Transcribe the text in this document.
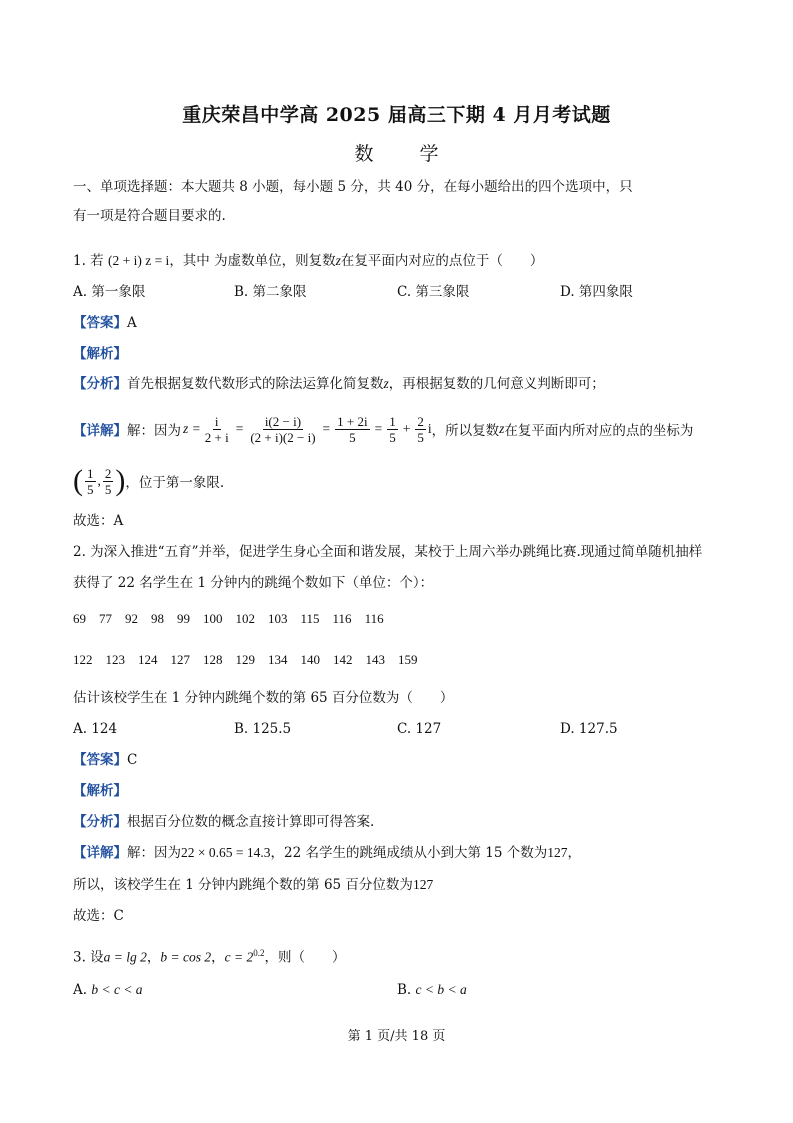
重庆荣昌中学高 2025 届高三下期 4 月月考试题
数 学
一、单项选择题：本大题共 8 小题，每小题 5 分，共 40 分，在每小题给出的四个选项中，只
有一项是符合题目要求的.
1. 若 (2 + i) z = i，其中 为虚数单位，则复数z在复平面内对应的点位于（　　）
A. 第一象限	B. 第二象限	C. 第三象限	D. 第四象限
【答案】A
【解析】
【分析】首先根据复数代数形式的除法运算化简复数z，再根据复数的几何意义判断即可；
【详解】 解：因为 $z = \frac{i}{2 + i} = \frac{i(2 - i)}{(2 + i)(2 - i)} = \frac{1 + 2i}{5} = \frac{1}{5} + \frac{2}{5}$ i ，所以复数 z 在复平面内所对应的点的坐标为
( $\frac{1}{5}$ , $\frac{2}{5}$ ) ，位于第一象限.
故选：A
2. 为深入推进“五育”并举，促进学生身心全面和谐发展，某校于上周六举办跳绳比赛.现通过简单随机抽样
获得了 22 名学生在 1 分钟内的跳绳个数如下（单位：个）：
69 77 92 98 99 100 102 103 115 116 116
122 123 124 127 128 129 134 140 142 143 159
估计该校学生在 1 分钟内跳绳个数的第 65 百分位数为（　　）
A. 124	B. 125.5	C. 127	D. 127.5
【答案】C
【解析】
【分析】根据百分位数的概念直接计算即可得答案.
【详解】解：因为22 × 0.65 = 14.3，22 名学生的跳绳成绩从小到大第 15 个数为127，
所以，该校学生在 1 分钟内跳绳个数的第 65 百分位数为127
故选：C
3. 设a = lg 2，b = cos 2，$c = 2^{0.2}$，则（　　）
A. b < c < a	B. c < b < a
第 1 页/共 18 页
